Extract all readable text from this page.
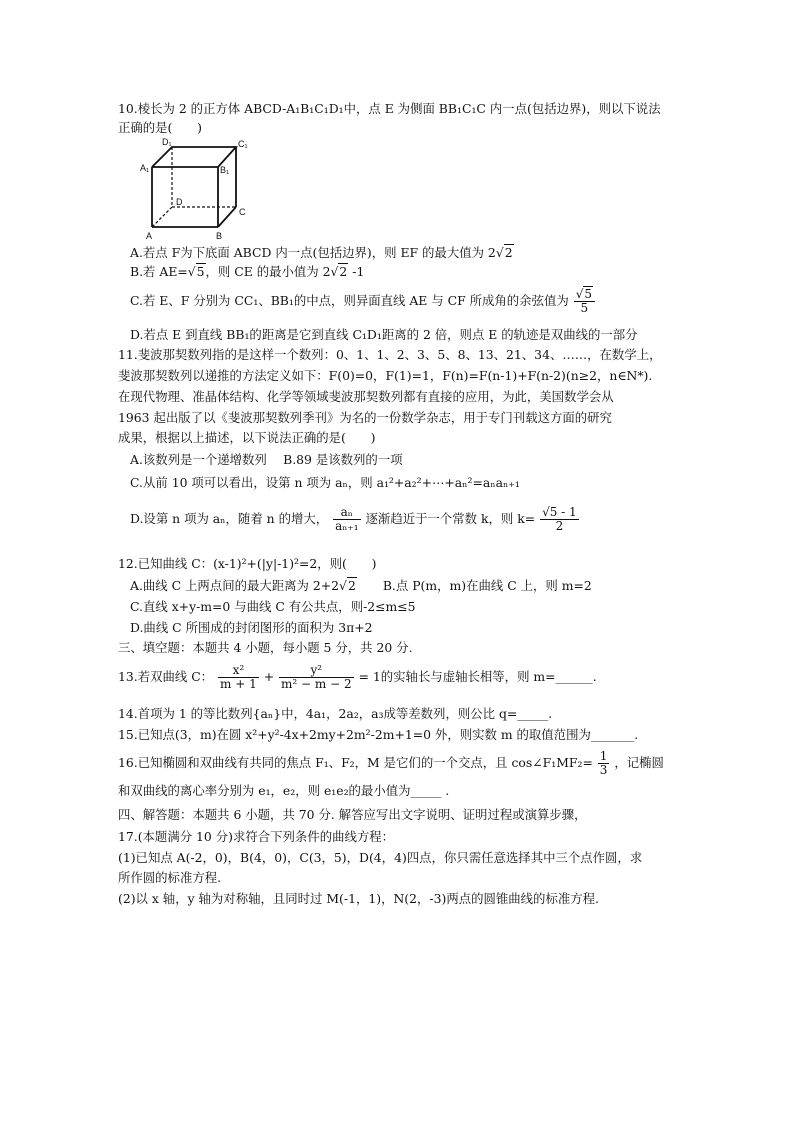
10.棱长为 2 的正方体 ABCD-A₁B₁C₁D₁中，点 E 为侧面 BB₁C₁C 内一点(包括边界)，则以下说法
正确的是(　　)
D₁	C₁
A₁	B₁
D
C
A	B
A.若点 F为下底面 ABCD 内一点(包括边界)，则 EF 的最大值为 2√2
B.若 AE=√5，则 CE 的最小值为 2√2 -1
C.若 E、F 分别为 CC₁、BB₁的中点，则异面直线 AE 与 CF 所成角的余弦值为 $\frac{√5}{5}$
D.若点 E 到直线 BB₁的距离是它到直线 C₁D₁距离的 2 倍，则点 E 的轨迹是双曲线的一部分
11.斐波那契数列指的是这样一个数列：0、1、1、2、3、5、8、13、21、34、……，在数学上，
斐波那契数列以递推的方法定义如下：F(0)=0，F(1)=1，F(n)=F(n-1)+F(n-2)(n≥2，n∈N*).
在现代物理、准晶体结构、化学等领域斐波那契数列都有直接的应用，为此，美国数学会从
1963 起出版了以《斐波那契数列季刊》为名的一份数学杂志，用于专门刊载这方面的研究
成果，根据以上描述，以下说法正确的是(　　)
A.该数列是一个递增数列　 B.89 是该数列的一项
C.从前 10 项可以看出，设第 n 项为 aₙ，则 a₁²+a₂²+⋯+aₙ²=aₙaₙ₊₁
D.设第 n 项为 aₙ，随着 n 的增大， $\frac{\text{aₙ}}{\text{aₙ₊₁}}$ 逐渐趋近于一个常数 k，则 $k= \frac{√5 - 1}{2}$
12.已知曲线 C：(x-1)²+(|y|-1)²=2，则(　　)
A.曲线 C 上两点间的最大距离为 2+2√2 B.点 P(m，m)在曲线 C 上，则 m=2
C.直线 x+y-m=0 与曲线 C 有公共点，则-2≤m≤5
D.曲线 C 所围成的封闭图形的面积为 3π+2
三、填空题：本题共 4 小题，每小题 5 分，共 20 分.
13.若双曲线 C： $\frac{\text{x²}}{m + 1} + \frac{\text{y²}}{\text{m² − m − 2}} = 1$的实轴长与虚轴长相等，则 m=______.
14.首项为 1 的等比数列{aₙ}中，4a₁，2a₂，a₃成等差数列，则公比 q=_____.
15.已知点(3，m)在圆 x²+y²-4x+2my+2m²-2m+1=0 外，则实数 m 的取值范围为_______.
16.已知椭圆和双曲线有共同的焦点 F₁、F₂，M 是它们的一个交点，且 cos∠F₁MF₂= $\frac{1}{3}$ ，记椭圆
和双曲线的离心率分别为 e₁，e₂，则 e₁e₂的最小值为_____ .
四、解答题：本题共 6 小题，共 70 分. 解答应写出文字说明、证明过程或演算步骤，
17.(本题满分 10 分)求符合下列条件的曲线方程：
(1)已知点 A(-2，0)，B(4，0)，C(3，5)，D(4，4)四点，你只需任意选择其中三个点作圆，求
所作圆的标准方程.
(2)以 x 轴，y 轴为对称轴，且同时过 M(-1，1)，N(2，-3)两点的圆锥曲线的标准方程.
